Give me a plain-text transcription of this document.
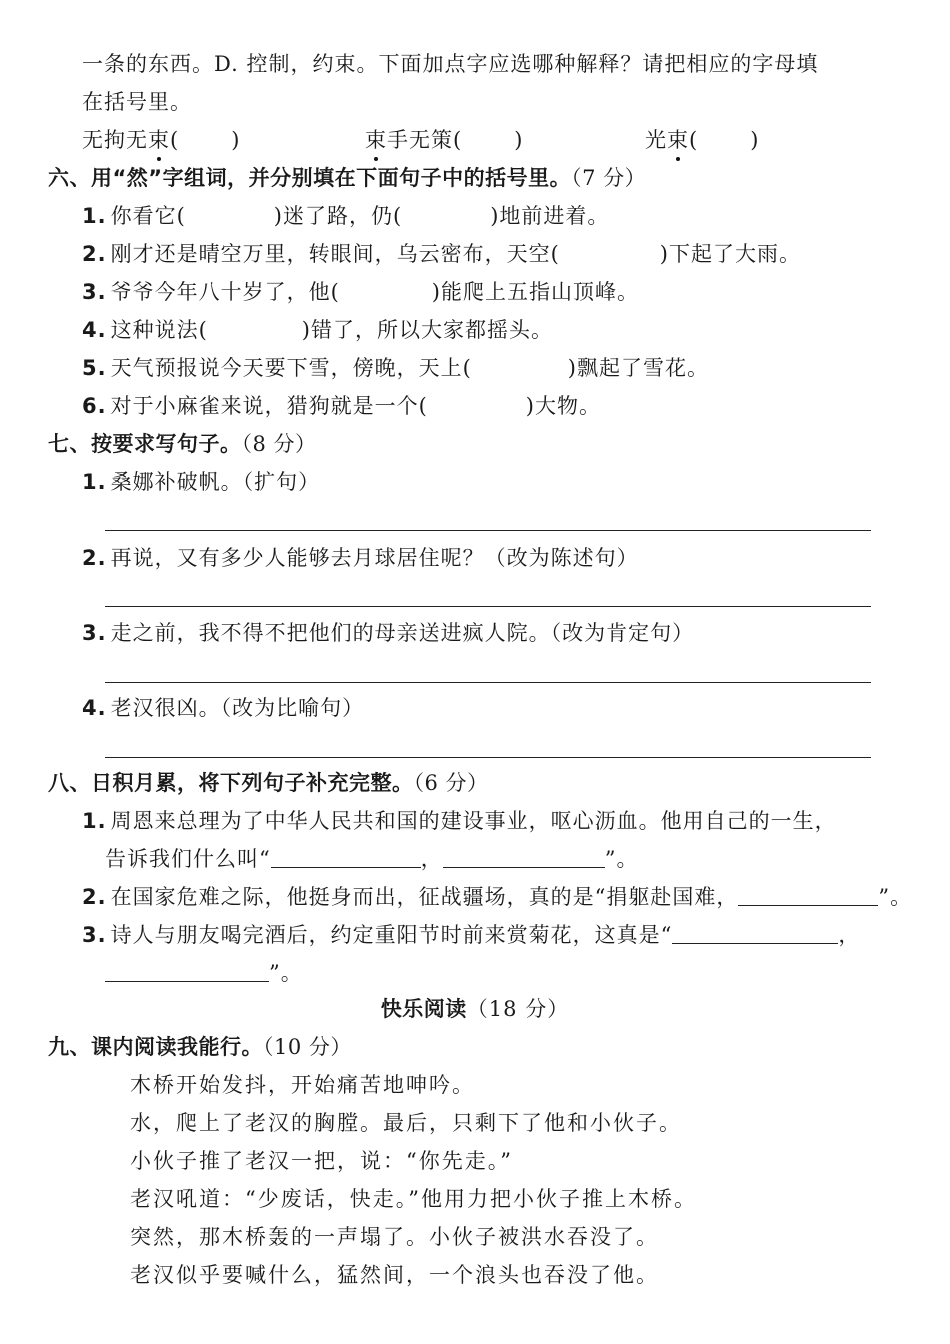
一条的东西。D. 控制，约束。下面加点字应选哪种解释？请把相应的字母填
在括号里。
无拘无束( )	束手无策( )	光束( )
六、用“然”字组词，并分别填在下面句子中的括号里。（7 分）
1. 你看它(	)迷了路，仍(	)地前进着。
2. 刚才还是晴空万里，转眼间，乌云密布，天空(	)下起了大雨。
3. 爷爷今年八十岁了，他(	)能爬上五指山顶峰。
4. 这种说法(	)错了，所以大家都摇头。
5. 天气预报说今天要下雪，傍晚，天上(	)飘起了雪花。
6. 对于小麻雀来说，猎狗就是一个(	)大物。
七、按要求写句子。（8 分）
1. 桑娜补破帆。（扩句）
2. 再说，又有多少人能够去月球居住呢？（改为陈述句）
3. 走之前，我不得不把他们的母亲送进疯人院。（改为肯定句）
4. 老汉很凶。（改为比喻句）
八、日积月累，将下列句子补充完整。（6 分）
1. 周恩来总理为了中华人民共和国的建设事业，呕心沥血。他用自己的一生，
告诉我们什么叫“	，	”。
2. 在国家危难之际，他挺身而出，征战疆场，真的是“捐躯赴国难，	”。
3. 诗人与朋友喝完酒后，约定重阳节时前来赏菊花，这真是“	，
”。
快乐阅读（18 分）
九、课内阅读我能行。（10 分）
木桥开始发抖，开始痛苦地呻吟。
水，爬上了老汉的胸膛。最后，只剩下了他和小伙子。
小伙子推了老汉一把，说：“你先走。”
老汉吼道：“少废话，快走。”他用力把小伙子推上木桥。
突然，那木桥轰的一声塌了。小伙子被洪水吞没了。
老汉似乎要喊什么，猛然间，一个浪头也吞没了他。
